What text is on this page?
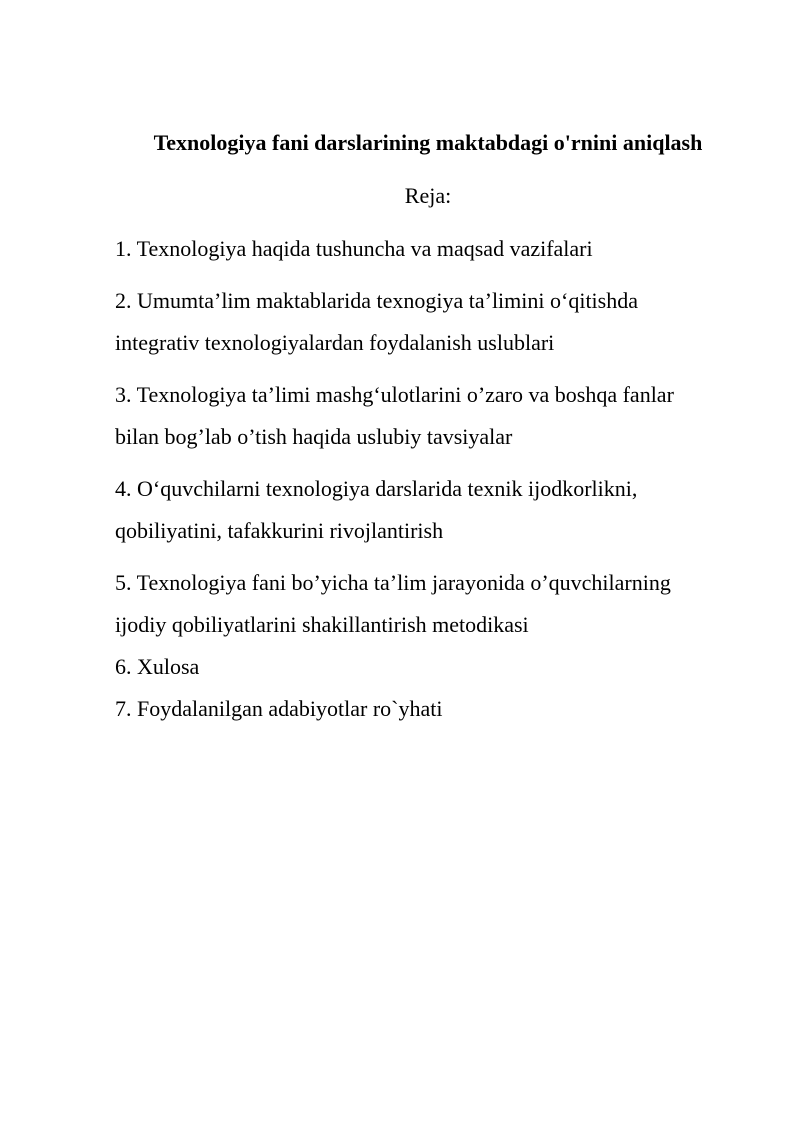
Texnologiya fani darslarining maktabdagi o'rnini aniqlash
Reja:
1. Texnologiya haqida tushuncha va maqsad vazifalari
2. Umumta’lim maktablarida texnogiya ta’limini o‘qitishda
integrativ texnologiyalardan foydalanish uslublari
3. Texnologiya ta’limi mashg‘ulotlarini o’zaro va boshqa fanlar
bilan bog’lab o’tish haqida uslubiy tavsiyalar
4. O‘quvchilarni texnologiya darslarida texnik ijodkorlikni,
qobiliyatini, tafakkurini rivojlantirish
5. Texnologiya fani bo’yicha ta’lim jarayonida o’quvchilarning
ijodiy qobiliyatlarini shakillantirish metodikasi
6. Xulosa
7. Foydalanilgan adabiyotlar ro`yhati
